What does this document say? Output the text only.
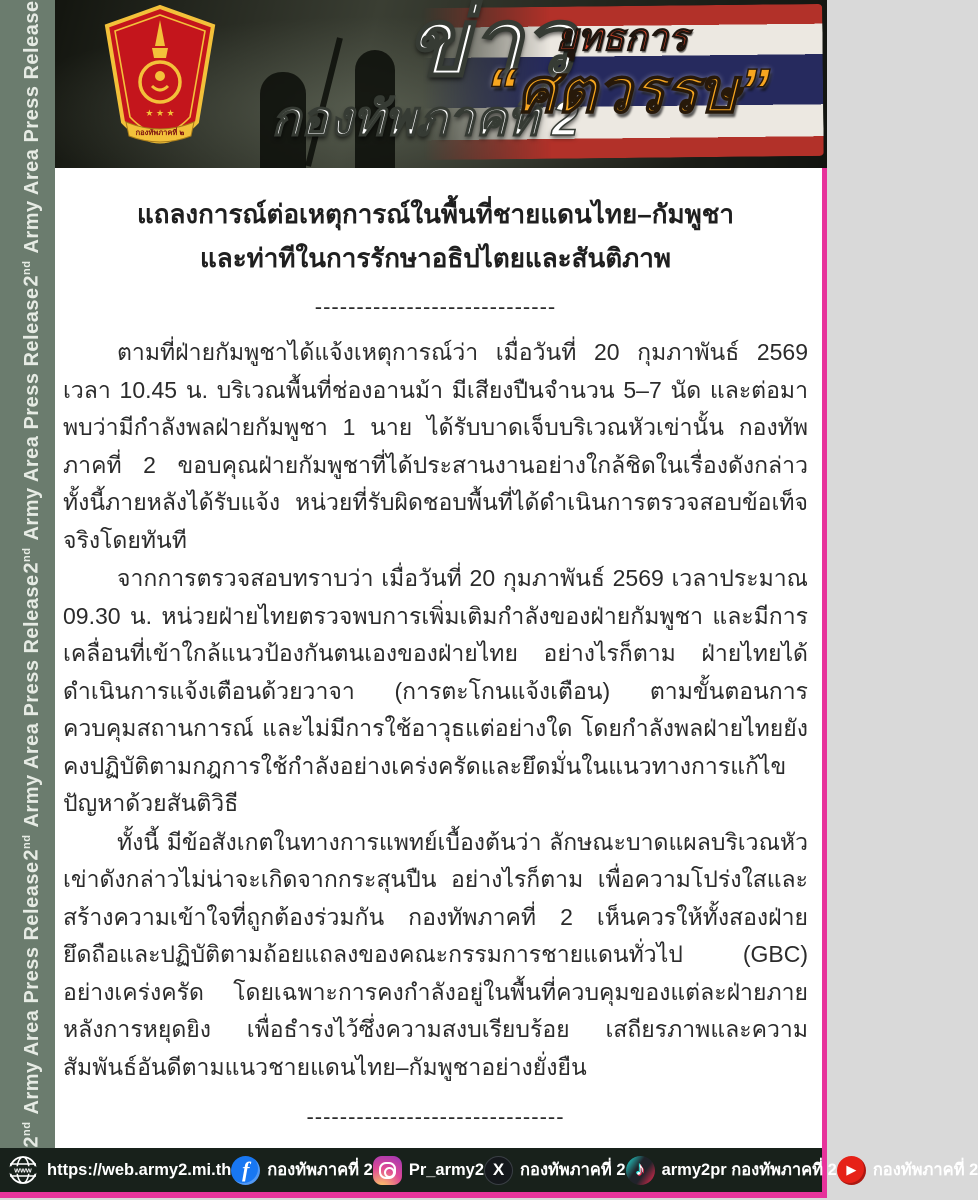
2ndArmy Area Press Release
2ndArmy Area Press Release
2ndArmy Area Press Release
2ndArmy Area Press Release
★ ★ ★
กองทัพภาคที่ ๒
ข่าว
กองทัพภาคที่ 2
ยุทธการ
“ศตวรรษ”
แถลงการณ์ต่อเหตุการณ์ในพื้นที่ชายแดนไทย–กัมพูชา
และท่าทีในการรักษาอธิปไตยและสันติภาพ
-----------------------------

ตามที่ฝ่ายกัมพูชาได้แจ้งเหตุการณ์ว่า เมื่อวันที่ 20 กุมภาพันธ์ 2569 เวลา 10.45 น. บริเวณพื้นที่ช่องอานม้า มีเสียงปืนจำนวน 5–7 นัด และต่อมาพบว่ามีกำลังพลฝ่ายกัมพูชา 1 นาย ได้รับบาดเจ็บบริเวณหัวเข่านั้น กองทัพภาคที่ 2 ขอบคุณฝ่ายกัมพูชาที่ได้ประสานงานอย่างใกล้ชิดในเรื่องดังกล่าว ทั้งนี้ภายหลังได้รับแจ้ง หน่วยที่รับผิดชอบพื้นที่ได้ดำเนินการตรวจสอบข้อเท็จจริงโดยทันที

จากการตรวจสอบทราบว่า เมื่อวันที่ 20 กุมภาพันธ์ 2569 เวลาประมาณ 09.30 น. หน่วยฝ่ายไทยตรวจพบการเพิ่มเติมกำลังของฝ่ายกัมพูชา และมีการเคลื่อนที่เข้าใกล้แนวป้องกันตนเองของฝ่ายไทย อย่างไรก็ตาม ฝ่ายไทยได้ดำเนินการแจ้งเตือนด้วยวาจา (การตะโกนแจ้งเตือน) ตามขั้นตอนการควบคุมสถานการณ์ และไม่มีการใช้อาวุธแต่อย่างใด โดยกำลังพลฝ่ายไทยยังคงปฏิบัติตามกฎการใช้กำลังอย่างเคร่งครัดและยึดมั่นในแนวทางการแก้ไขปัญหาด้วยสันติวิธี

ทั้งนี้ มีข้อสังเกตในทางการแพทย์เบื้องต้นว่า ลักษณะบาดแผลบริเวณหัวเข่าดังกล่าวไม่น่าจะเกิดจากกระสุนปืน อย่างไรก็ตาม เพื่อความโปร่งใสและสร้างความเข้าใจที่ถูกต้องร่วมกัน กองทัพภาคที่ 2 เห็นควรให้ทั้งสองฝ่ายยึดถือและปฏิบัติตามถ้อยแถลงของคณะกรรมการชายแดนทั่วไป (GBC) อย่างเคร่งครัด โดยเฉพาะการคงกำลังอยู่ในพื้นที่ควบคุมของแต่ละฝ่ายภายหลังการหยุดยิง เพื่อธำรงไว้ซึ่งความสงบเรียบร้อย เสถียรภาพและความสัมพันธ์อันดีตามแนวชายแดนไทย–กัมพูชาอย่างยั่งยืน

-------------------------------
www https://web.army2.mi.th f	กองทัพภาคที่ 2 Pr_army2 X กองทัพภาคที่ 2 ♪	army2pr กองทัพภาคที่ 2 ▶	กองทัพภาคที่ 2
